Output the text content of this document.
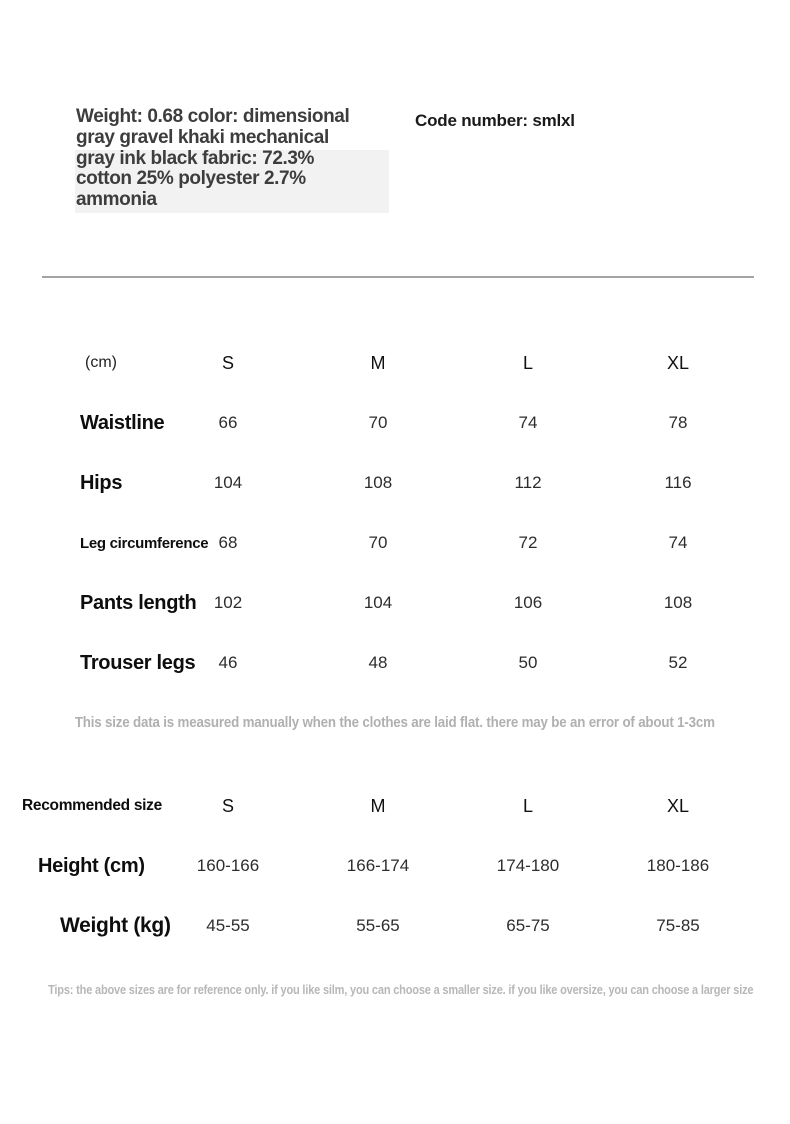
Weight: 0.68 color: dimensional
gray gravel khaki mechanical
gray ink black fabric: 72.3%
cotton 25% polyester 2.7%
ammonia
Code number: smlxl
(cm)	S	M	L	XL
Waistline	66	70	74	78
Hips	104	108	112	116
Leg circumference 68	70	72	74
Pants length	102	104	106	108
Trouser legs	46	48	50	52
This size data is measured manually when the clothes are laid flat. there may be an error of about 1-3cm
Recommended size	S	M	L	XL
Height (cm)	160-166	166-174	174-180	180-186
Weight (kg)	45-55	55-65	65-75	75-85
Tips: the above sizes are for reference only. if you like silm, you can choose a smaller size. if you like oversize, you can choose a larger size
